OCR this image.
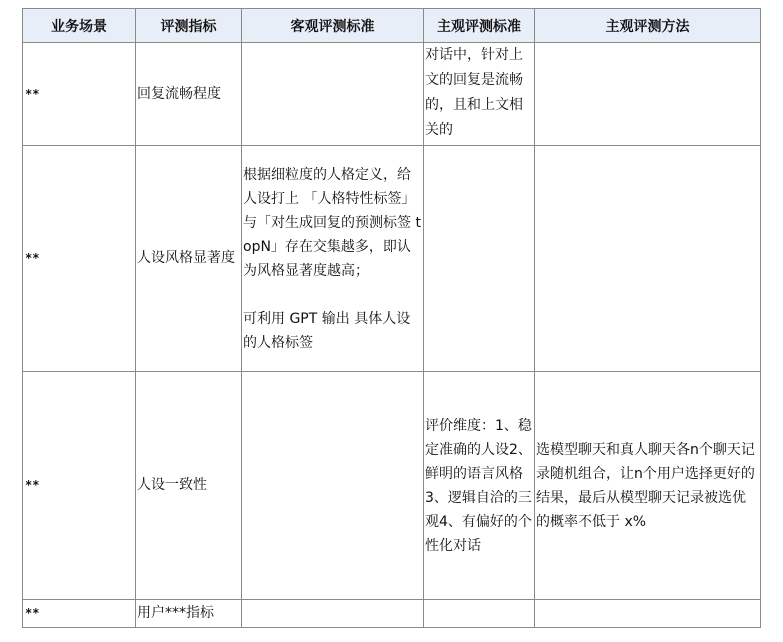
业务场景	评测指标	客观评测标准	主观评测标准	主观评测方法
**	回复流畅程度		对话中，针对上文的回复是流畅的，且和上文相关的	
**	人设风格显著度	根据细粒度的人格定义，给人设打上 「人格特性标签」与「对生成回复的预测标签 topN」存在交集越多，即认为风格显著度越高；
可利用 GPT 输出 具体人设的人格标签		

**	人设一致性		评价维度：1、稳定准确的人设2、鲜明的语言风格3、逻辑自洽的三观4、有偏好的个性化对话	选模型聊天和真人聊天各n个聊天记录随机组合，让n个用户选择更好的结果，最后从模型聊天记录被选优的概率不低于 x%
**	用户***指标			
